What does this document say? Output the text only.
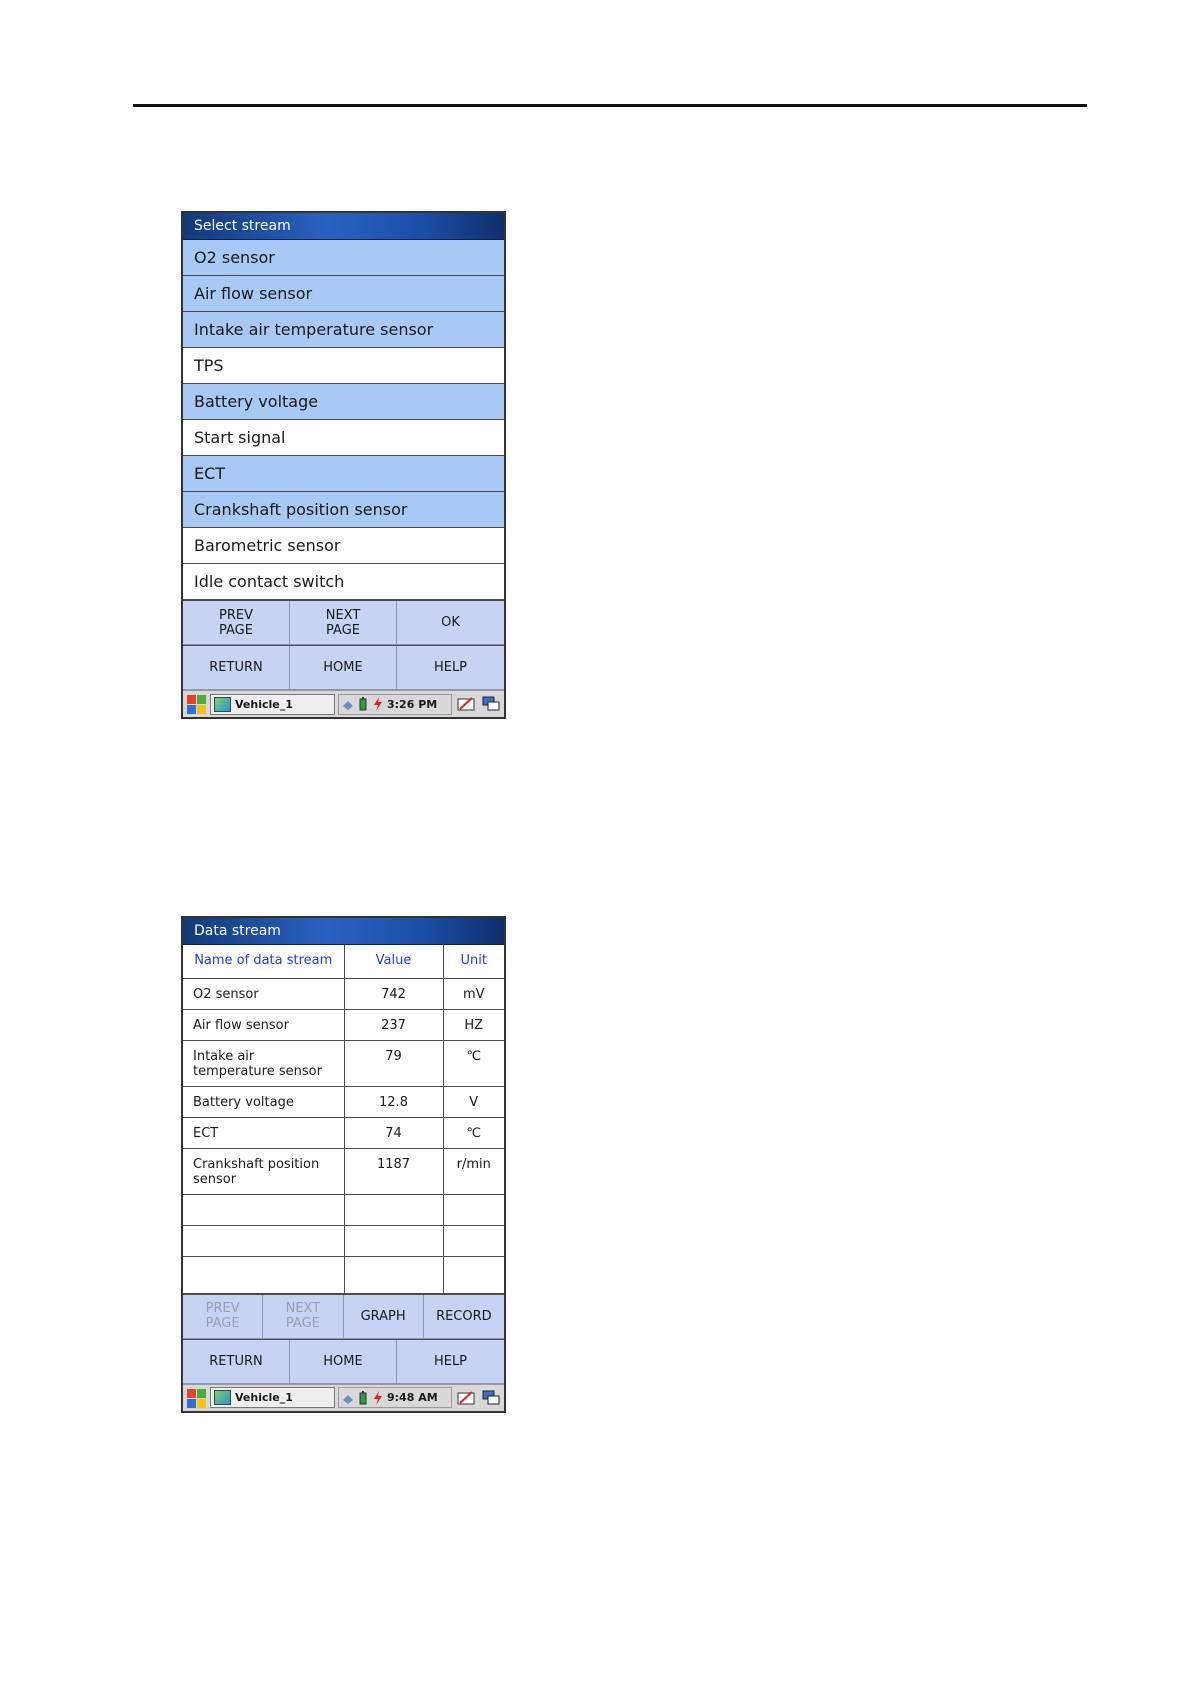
Select stream
O2 sensor
Air flow sensor
Intake air temperature sensor
TPS
Battery voltage
Start signal
ECT
Crankshaft position sensor
Barometric sensor
Idle contact switch
PREV
PAGE
NEXT
PAGE	OK
RETURN	HOME	HELP
Vehicle_1	3:26 PM
Data stream
Name of data stream	Value	Unit
O2 sensor	742	mV
Air flow sensor	237	HZ
Intake air
temperature sensor	79	℃
Battery voltage	12.8	V
ECT	74	℃
Crankshaft position
sensor	1187	r/min

PREV
PAGE
NEXT
PAGE	GRAPH	RECORD
RETURN	HOME	HELP
Vehicle_1	9:48 AM
